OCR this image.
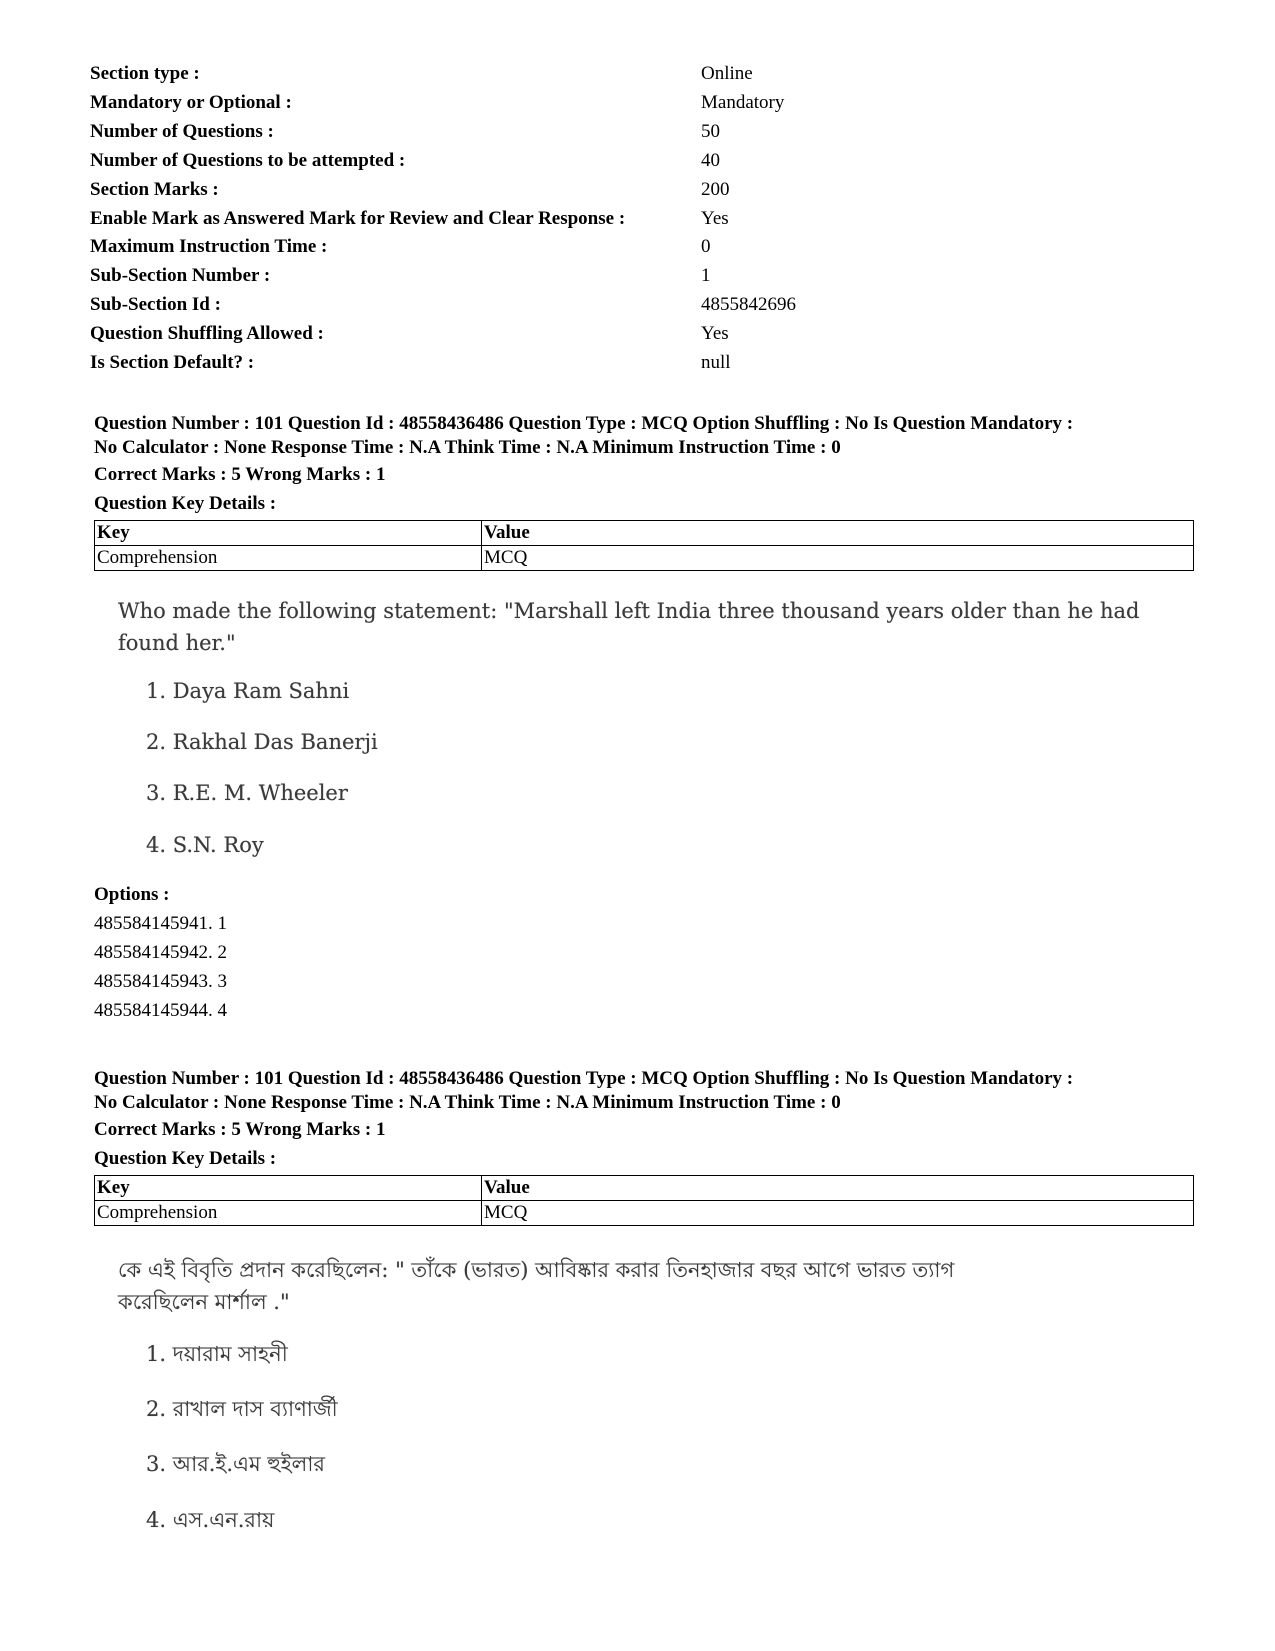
Section type :	Online
Mandatory or Optional :	Mandatory
Number of Questions :	50
Number of Questions to be attempted :	40
Section Marks :	200
Enable Mark as Answered Mark for Review and Clear Response :	Yes
Maximum Instruction Time :	0
Sub-Section Number :	1
Sub-Section Id :	4855842696
Question Shuffling Allowed :	Yes
Is Section Default? :	null
Question Number : 101 Question Id : 48558436486 Question Type : MCQ Option Shuffling : No Is Question Mandatory :
No Calculator : None Response Time : N.A Think Time : N.A Minimum Instruction Time : 0
Correct Marks : 5 Wrong Marks : 1
Question Key Details :
Key	Value
Comprehension	MCQ
Who made the following statement: "Marshall left India three thousand years older than he had found her."
1. Daya Ram Sahni
2. Rakhal Das Banerji
3. R.E. M. Wheeler
4. S.N. Roy
Options :
485584145941. 1
485584145942. 2
485584145943. 3
485584145944. 4
Question Number : 101 Question Id : 48558436486 Question Type : MCQ Option Shuffling : No Is Question Mandatory :
No Calculator : None Response Time : N.A Think Time : N.A Minimum Instruction Time : 0
Correct Marks : 5 Wrong Marks : 1
Question Key Details :
Key	Value
Comprehension	MCQ
কে এই বিবৃতি প্রদান করেছিলেন: " তাঁকে (ভারত) আবিষ্কার করার তিনহাজার বছর আগে ভারত ত্যাগ
করেছিলেন মার্শাল ."
1. দয়ারাম সাহনী
2. রাখাল দাস ব্যাণার্জী
3. আর.ই.এম হুইলার
4. এস.এন.রায়
